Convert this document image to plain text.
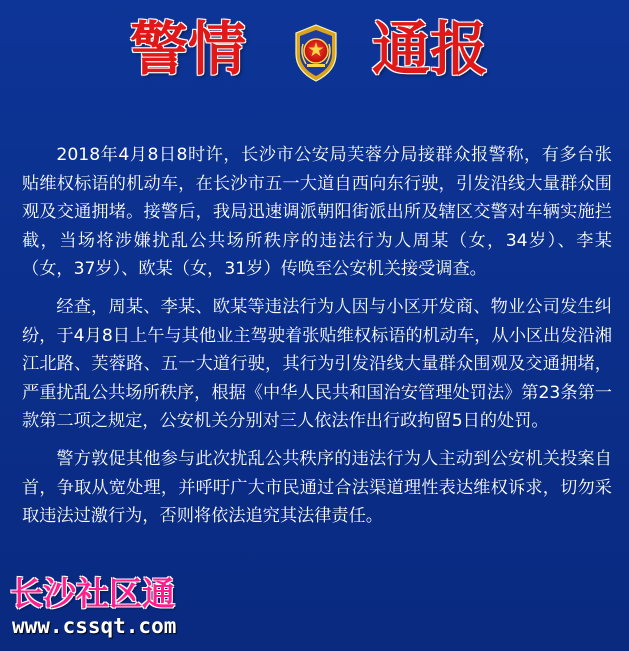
警情 通报

2018年4月8日8时许，长沙市公安局芙蓉分局接群众报警称，有多台张贴维权标语的机动车，在长沙市五一大道自西向东行驶，引发沿线大量群众围观及交通拥堵。接警后，我局迅速调派朝阳街派出所及辖区交警对车辆实施拦截，当场将涉嫌扰乱公共场所秩序的违法行为人周某（女，34岁）、李某（女，37岁）、欧某（女，31岁）传唤至公安机关接受调查。

经查，周某、李某、欧某等违法行为人因与小区开发商、物业公司发生纠纷，于4月8日上午与其他业主驾驶着张贴维权标语的机动车，从小区出发沿湘江北路、芙蓉路、五一大道行驶，其行为引发沿线大量群众围观及交通拥堵，严重扰乱公共场所秩序，根据《中华人民共和国治安管理处罚法》第23条第一款第二项之规定，公安机关分别对三人依法作出行政拘留5日的处罚。

警方敦促其他参与此次扰乱公共秩序的违法行为人主动到公安机关投案自首，争取从宽处理，并呼吁广大市民通过合法渠道理性表达维权诉求，切勿采取违法过激行为，否则将依法追究其法律责任。

长沙社区通
www.cssqt.com
